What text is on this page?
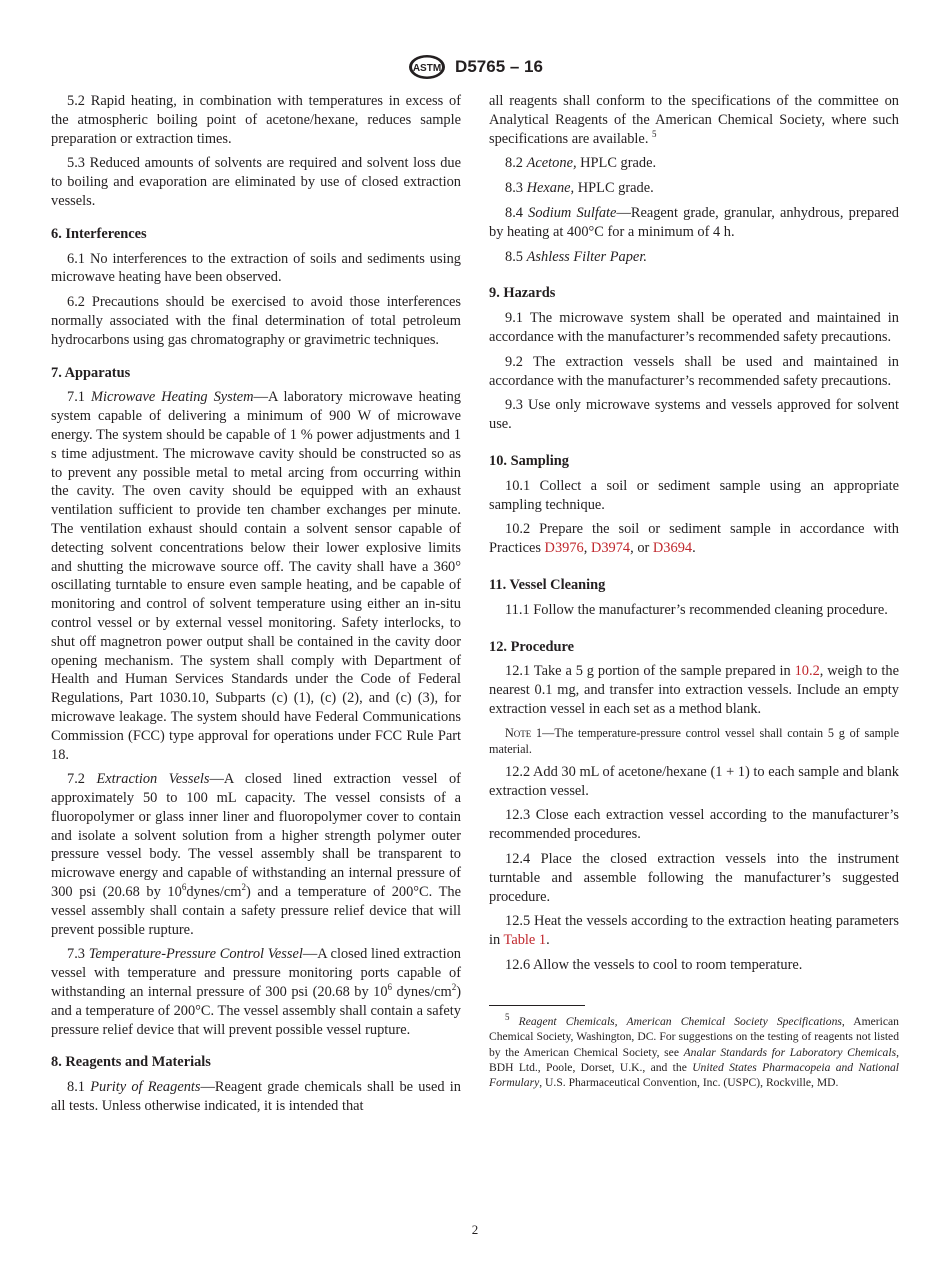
ASTM D5765 – 16

5.2 Rapid heating, in combination with temperatures in excess of the atmospheric boiling point of acetone/hexane, reduces sample preparation or extraction times.

5.3 Reduced amounts of solvents are required and solvent loss due to boiling and evaporation are eliminated by use of closed extraction vessels.

6. Interferences

6.1 No interferences to the extraction of soils and sediments using microwave heating have been observed.

6.2 Precautions should be exercised to avoid those interferences normally associated with the final determination of total petroleum hydrocarbons using gas chromatography or gravimetric techniques.

7. Apparatus

7.1 Microwave Heating System—A laboratory microwave heating system capable of delivering a minimum of 900 W of microwave energy. The system should be capable of 1 % power adjustments and 1 s time adjustment. The microwave cavity should be constructed so as to prevent any possible metal to metal arcing from occurring within the cavity. The oven cavity should be equipped with an exhaust ventilation sufficient to provide ten chamber exchanges per minute. The ventilation exhaust should contain a solvent sensor capable of detecting solvent concentrations below their lower explosive limits and shutting the microwave source off. The cavity shall have a 360° oscillating turntable to ensure even sample heating, and be capable of monitoring and control of solvent temperature using either an in-situ control vessel or by external vessel monitoring. Safety interlocks, to shut off magnetron power output shall be contained in the cavity door opening mechanism. The system shall comply with Department of Health and Human Services Standards under the Code of Federal Regulations, Part 1030.10, Subparts (c) (1), (c) (2), and (c) (3), for microwave leakage. The system should have Federal Communications Commission (FCC) type approval for operations under FCC Rule Part 18.

7.2 Extraction Vessels—A closed lined extraction vessel of approximately 50 to 100 mL capacity. The vessel consists of a fluoropolymer or glass inner liner and fluoropolymer cover to contain and isolate a solvent solution from a higher strength polymer outer pressure vessel body. The vessel assembly shall be transparent to microwave energy and capable of withstanding an internal pressure of 300 psi (20.68 by $10^6dynes/cm^2$) and a temperature of 200°C. The vessel assembly shall contain a safety pressure relief device that will prevent possible rupture.

7.3 Temperature-Pressure Control Vessel—A closed lined extraction vessel with temperature and pressure monitoring ports capable of withstanding an internal pressure of 300 psi (20.68 by $10^6$ dynes/$cm^2$) and a temperature of 200°C. The vessel assembly shall contain a safety pressure relief device that will prevent possible vessel rupture.

8. Reagents and Materials

8.1 Purity of Reagents—Reagent grade chemicals shall be used in all tests. Unless otherwise indicated, it is intended that

all reagents shall conform to the specifications of the committee on Analytical Reagents of the American Chemical Society, where such specifications are available. $^5$

8.2 Acetone, HPLC grade.

8.3 Hexane, HPLC grade.

8.4 Sodium Sulfate—Reagent grade, granular, anhydrous, prepared by heating at 400°C for a minimum of 4 h.

8.5 Ashless Filter Paper.

9. Hazards

9.1 The microwave system shall be operated and maintained in accordance with the manufacturer’s recommended safety precautions.

9.2 The extraction vessels shall be used and maintained in accordance with the manufacturer’s recommended safety precautions.

9.3 Use only microwave systems and vessels approved for solvent use.

10. Sampling

10.1 Collect a soil or sediment sample using an appropriate sampling technique.

10.2 Prepare the soil or sediment sample in accordance with Practices D3976, D3974, or D3694.

11. Vessel Cleaning

11.1 Follow the manufacturer’s recommended cleaning procedure.

12. Procedure

12.1 Take a 5 g portion of the sample prepared in 10.2, weigh to the nearest 0.1 mg, and transfer into extraction vessels. Include an empty extraction vessel in each set as a method blank.

Note 1—The temperature-pressure control vessel shall contain 5 g of sample material.

12.2 Add 30 mL of acetone/hexane (1 + 1) to each sample and blank extraction vessel.

12.3 Close each extraction vessel according to the manufacturer’s recommended procedures.

12.4 Place the closed extraction vessels into the instrument turntable and assemble following the manufacturer’s suggested procedure.

12.5 Heat the vessels according to the extraction heating parameters in Table 1.

12.6 Allow the vessels to cool to room temperature.

$^5$ Reagent Chemicals, American Chemical Society Specifications, American Chemical Society, Washington, DC. For suggestions on the testing of reagents not listed by the American Chemical Society, see Analar Standards for Laboratory Chemicals, BDH Ltd., Poole, Dorset, U.K., and the United States Pharmacopeia and National Formulary, U.S. Pharmaceutical Convention, Inc. (USPC), Rockville, MD.

2
